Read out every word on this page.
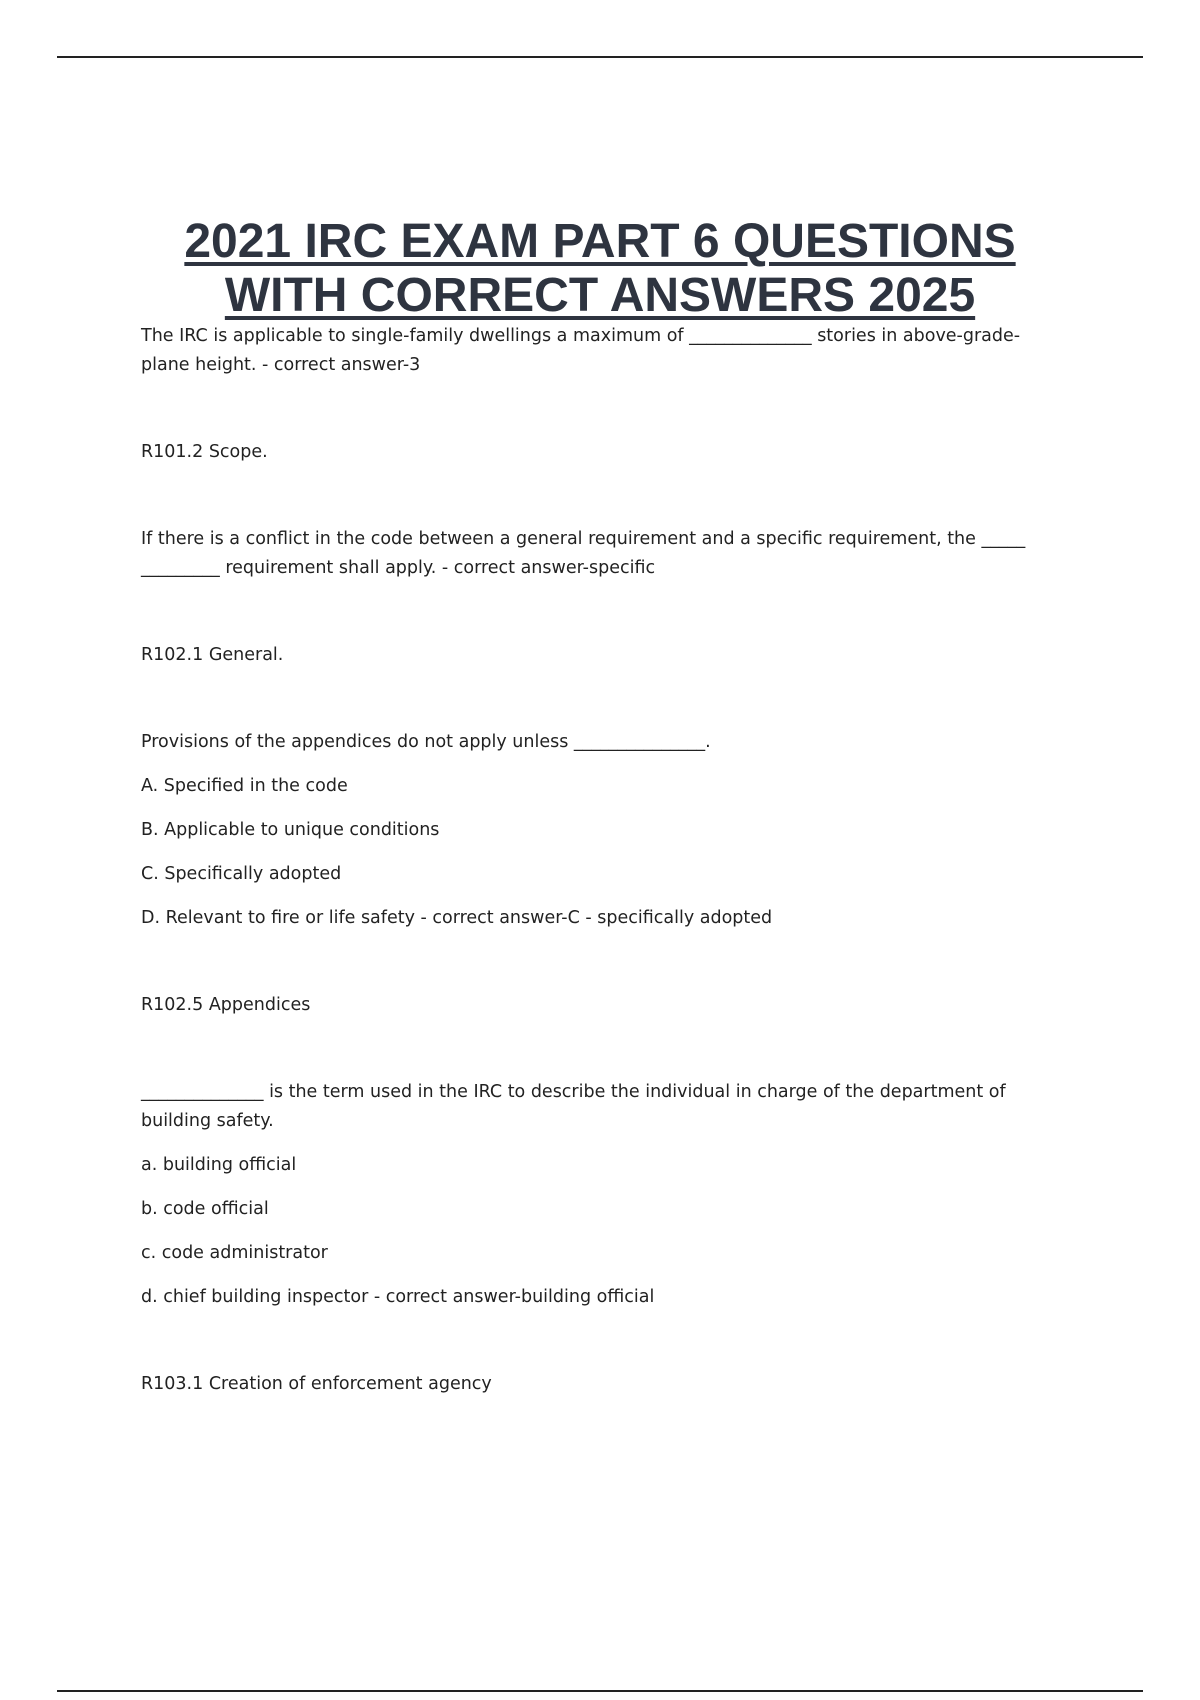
2021 IRC EXAM PART 6 QUESTIONS
WITH CORRECT ANSWERS 2025

The IRC is applicable to single-family dwellings a maximum of ______________ stories in above-grade-plane height. - correct answer-3

R101.2 Scope.

If there is a conflict in the code between a general requirement and a specific requirement, the _____ _________ requirement shall apply. - correct answer-specific

R102.1 General.

Provisions of the appendices do not apply unless _______________.

A. Specified in the code

B. Applicable to unique conditions

C. Specifically adopted

D. Relevant to fire or life safety - correct answer-C - specifically adopted

R102.5 Appendices

______________ is the term used in the IRC to describe the individual in charge of the department of building safety.

a. building official

b. code official

c. code administrator

d. chief building inspector - correct answer-building official

R103.1 Creation of enforcement agency
